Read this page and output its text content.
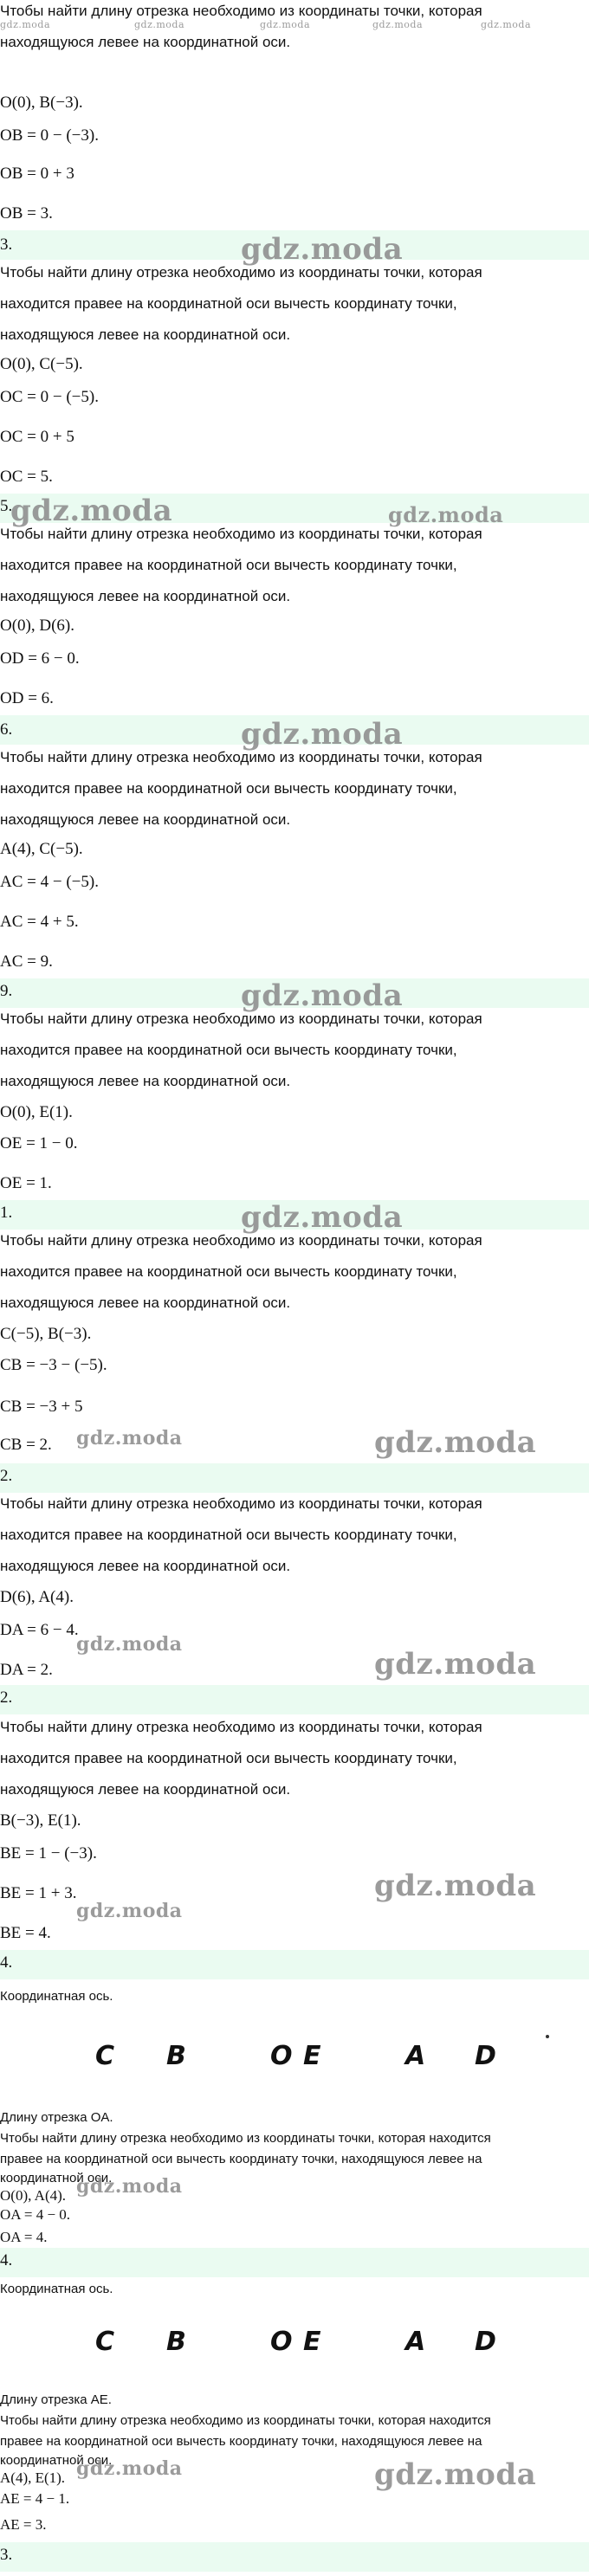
Чтобы найти длину отрезка необходимо из координаты точки, которая
gdz.moda	gdz.moda	gdz.moda	gdz.moda	gdz.moda
находящуюся левее на координатной оси.
O(0), B(−3).
OB = 0 − (−3).
OB = 0 + 3
OB = 3.
3.	gdz.moda
Чтобы найти длину отрезка необходимо из координаты точки, которая
находится правее на координатной оси вычесть координату точки,
находящуюся левее на координатной оси.
O(0), C(−5).
OC = 0 − (−5).
OC = 0 + 5
OC = 5.
5.
gdz.moda	gdz.moda
Чтобы найти длину отрезка необходимо из координаты точки, которая
находится правее на координатной оси вычесть координату точки,
находящуюся левее на координатной оси.
O(0), D(6).
OD = 6 − 0.
OD = 6.
6.	gdz.moda
Чтобы найти длину отрезка необходимо из координаты точки, которая
находится правее на координатной оси вычесть координату точки,
находящуюся левее на координатной оси.
A(4), C(−5).
AC = 4 − (−5).
AC = 4 + 5.
AC = 9.
9.	gdz.moda
Чтобы найти длину отрезка необходимо из координаты точки, которая
находится правее на координатной оси вычесть координату точки,
находящуюся левее на координатной оси.
O(0), E(1).
OE = 1 − 0.
OE = 1.
1.	gdz.moda
Чтобы найти длину отрезка необходимо из координаты точки, которая
находится правее на координатной оси вычесть координату точки,
находящуюся левее на координатной оси.
C(−5), B(−3).
CB = −3 − (−5).
CB = −3 + 5
CB = 2. gdz.moda	gdz.moda
2.
Чтобы найти длину отрезка необходимо из координаты точки, которая
находится правее на координатной оси вычесть координату точки,
находящуюся левее на координатной оси.
D(6), A(4).
DA = 6 − 4.
gdz.moda
DA = 2.	gdz.moda
2.
Чтобы найти длину отрезка необходимо из координаты точки, которая
находится правее на координатной оси вычесть координату точки,
находящуюся левее на координатной оси.
B(−3), E(1).
BE = 1 − (−3).
gdz.moda
BE = 1 + 3.
gdz.moda
BE = 4.
4.
Координатная ось.
C B	O E	A D
Длину отрезка OA.
Чтобы найти длину отрезка необходимо из координаты точки, которая находится
правее на координатной оси вычесть координату точки, находящуюся левее на
координатной оси.
O(0), A(4). gdz.moda
OA = 4 − 0.
OA = 4.
4.
Координатная ось.
C B	O E	A D
Длину отрезка AE.
Чтобы найти длину отрезка необходимо из координаты точки, которая находится
правее на координатной оси вычесть координату точки, находящуюся левее на
координатной оси.
A(4), E(1). gdz.moda	gdz.moda
AE = 4 − 1.
AE = 3.
3.
